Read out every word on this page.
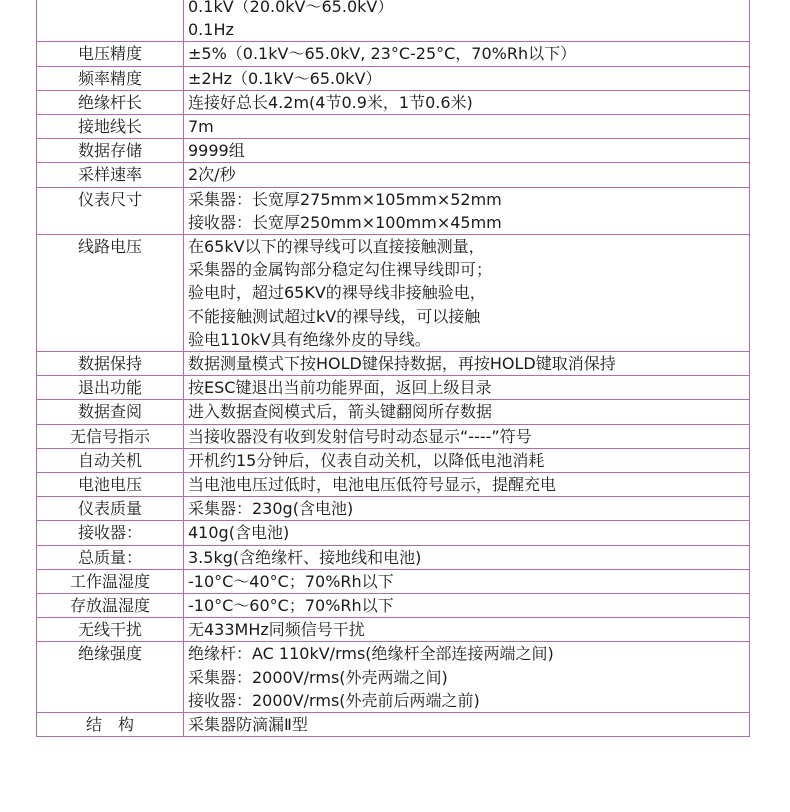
	0.1kV（20.0kV～65.0kV）
0.1Hz

电压精度	±5%（0.1kV～65.0kV, 23°C-25°C，70%Rh以下）

频率精度	±2Hz（0.1kV～65.0kV）

绝缘杆长	连接好总长4.2m(4节0.9米，1节0.6米)

接地线长	7m

数据存储	9999组

采样速率	2次/秒

仪表尺寸	采集器：长宽厚275mm×105mm×52mm
接收器：长宽厚250mm×100mm×45mm

线路电压	在65kV以下的裸导线可以直接接触测量，
采集器的金属钩部分稳定勾住裸导线即可；
验电时，超过65KV的裸导线非接触验电，
不能接触测试超过kV的裸导线，可以接触
验电110kV具有绝缘外皮的导线。

数据保持	数据测量模式下按HOLD键保持数据，再按HOLD键取消保持

退出功能	按ESC键退出当前功能界面，返回上级目录

数据查阅	进入数据查阅模式后，箭头键翻阅所存数据

无信号指示	当接收器没有收到发射信号时动态显示“----”符号

自动关机	开机约15分钟后，仪表自动关机，以降低电池消耗

电池电压	当电池电压过低时，电池电压低符号显示，提醒充电

仪表质量	采集器：230g(含电池)

接收器：	410g(含电池)

总质量：	3.5kg(含绝缘杆、接地线和电池)

工作温湿度	-10°C～40°C；70%Rh以下

存放温湿度	-10°C～60°C；70%Rh以下

无线干扰	无433MHz同频信号干扰

绝缘强度	绝缘杆：AC 110kV/rms(绝缘杆全部连接两端之间)
采集器：2000V/rms(外壳两端之间)
接收器：2000V/rms(外壳前后两端之前)

结　构	采集器防滴漏Ⅱ型
